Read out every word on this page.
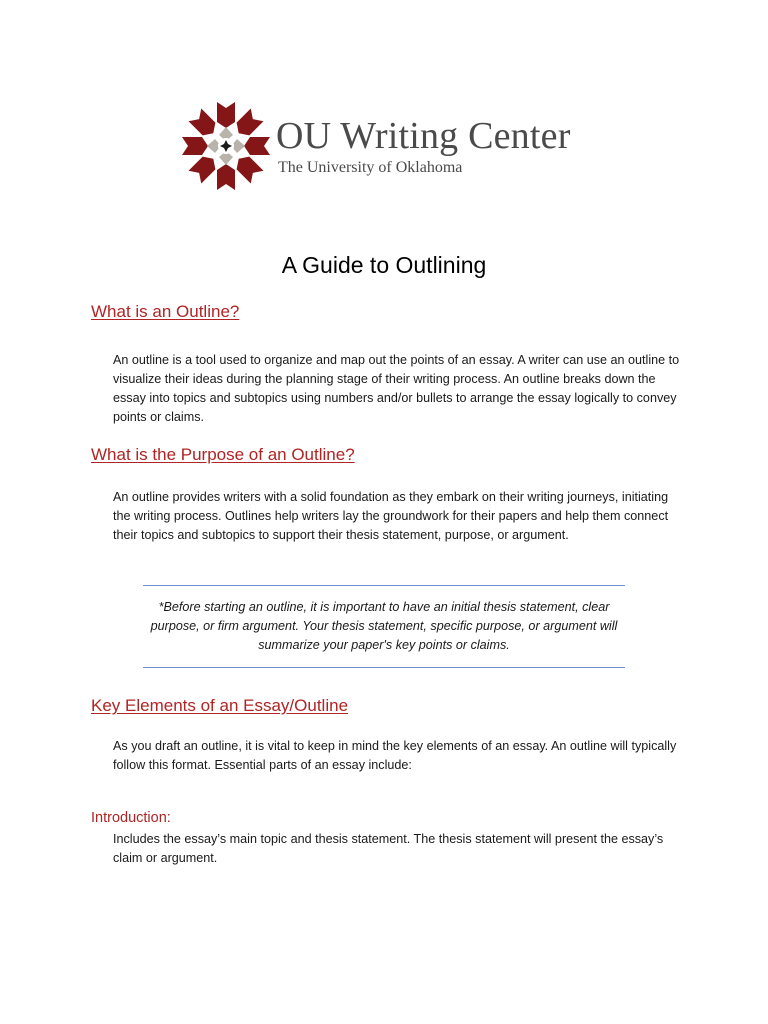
OU Writing Center
The University of Oklahoma
A Guide to Outlining
What is an Outline?
An outline is a tool used to organize and map out the points of an essay. A writer can use an outline to visualize their ideas during the planning stage of their writing process. An outline breaks down the essay into topics and subtopics using numbers and/or bullets to arrange the essay logically to convey points or claims.
What is the Purpose of an Outline?
An outline provides writers with a solid foundation as they embark on their writing journeys, initiating the writing process. Outlines help writers lay the groundwork for their papers and help them connect their topics and subtopics to support their thesis statement, purpose, or argument.
*Before starting an outline, it is important to have an initial thesis statement, clear purpose, or firm argument. Your thesis statement, specific purpose, or argument will summarize your paper's key points or claims.
Key Elements of an Essay/Outline
As you draft an outline, it is vital to keep in mind the key elements of an essay. An outline will typically follow this format. Essential parts of an essay include:
Introduction:
Includes the essay’s main topic and thesis statement. The thesis statement will present the essay’s claim or argument.
